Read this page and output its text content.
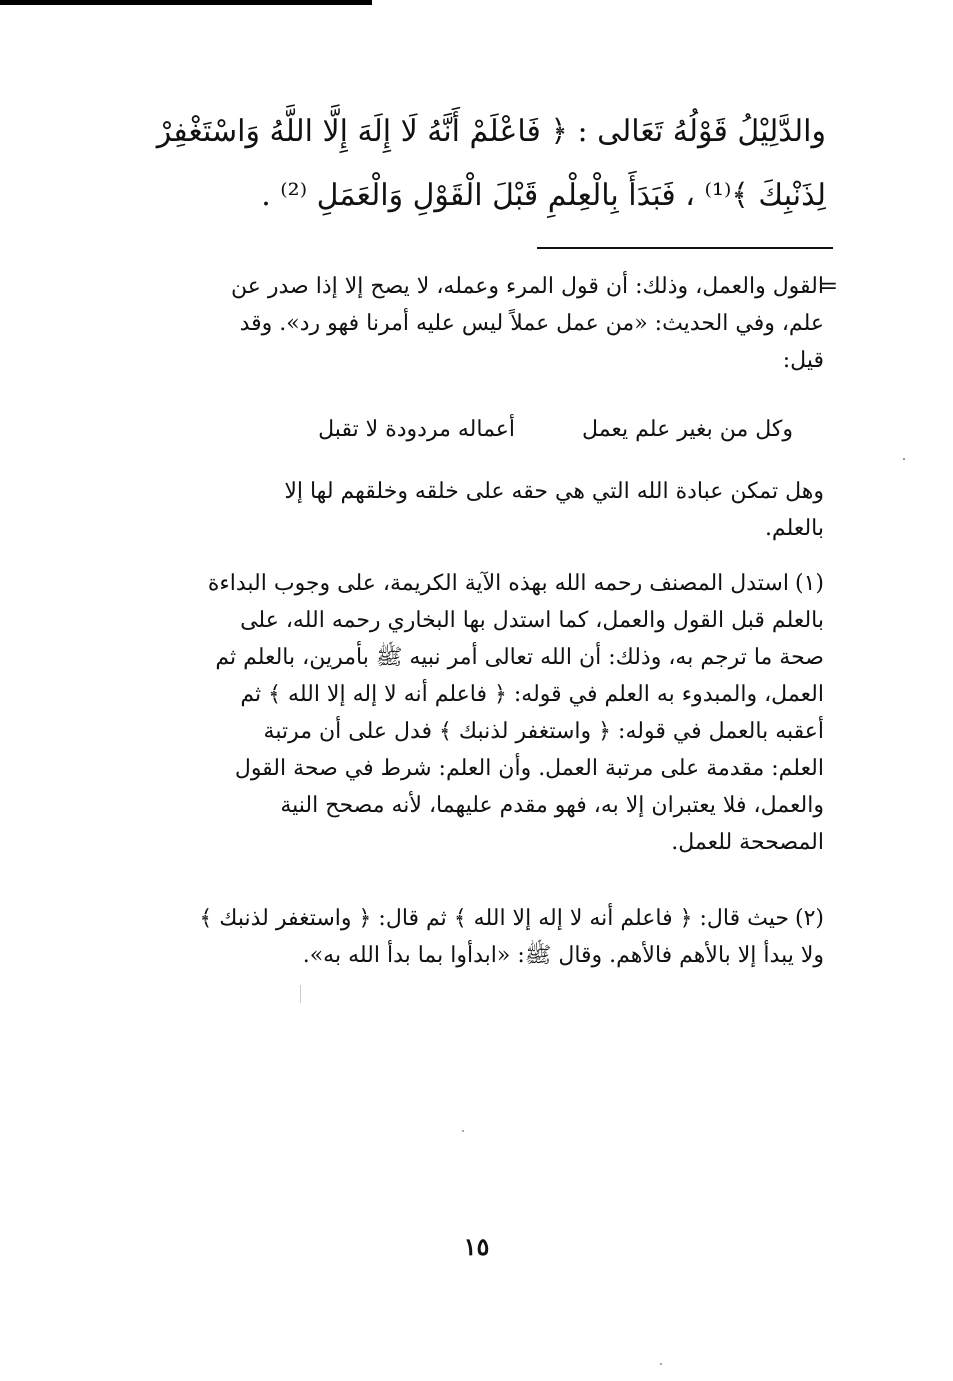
والدَّلِيْلُ قَوْلُهُ تَعَالى : ﴿ فَاعْلَمْ أَنَّهُ لَا إِلَهَ إِلَّا اللَّهُ وَاسْتَغْفِرْ
لِذَنْبِكَ ﴾⁽¹⁾ ، فَبَدَأَ بِالْعِلْمِ قَبْلَ الْقَوْلِ وَالْعَمَلِ ⁽²⁾ .
=
القول والعمل، وذلك: أن قول المرء وعمله، لا يصح إلا إذا صدر عن
علم، وفي الحديث: «من عمل عملاً ليس عليه أمرنا فهو رد». وقد
قيل:
وكل من بغير علم يعمل أعماله مردودة لا تقبل
وهل تمكن عبادة الله التي هي حقه على خلقه وخلقهم لها إلا
بالعلم.
(١)استدل المصنف رحمه الله بهذه الآية الكريمة، على وجوب البداءة
بالعلم قبل القول والعمل، كما استدل بها البخاري رحمه الله، على
صحة ما ترجم به، وذلك: أن الله تعالى أمر نبيه ﷺ بأمرين، بالعلم ثم
العمل، والمبدوء به العلم في قوله: ﴿ فاعلم أنه لا إله إلا الله ﴾ ثم
أعقبه بالعمل في قوله: ﴿ واستغفر لذنبك ﴾ فدل على أن مرتبة
العلم: مقدمة على مرتبة العمل. وأن العلم: شرط في صحة القول
والعمل، فلا يعتبران إلا به، فهو مقدم عليهما، لأنه مصحح النية
المصححة للعمل.
(٢)حيث قال: ﴿ فاعلم أنه لا إله إلا الله ﴾ ثم قال: ﴿ واستغفر لذنبك ﴾
ولا يبدأ إلا بالأهم فالأهم. وقال ﷺ: «ابدأوا بما بدأ الله به».
١٥
